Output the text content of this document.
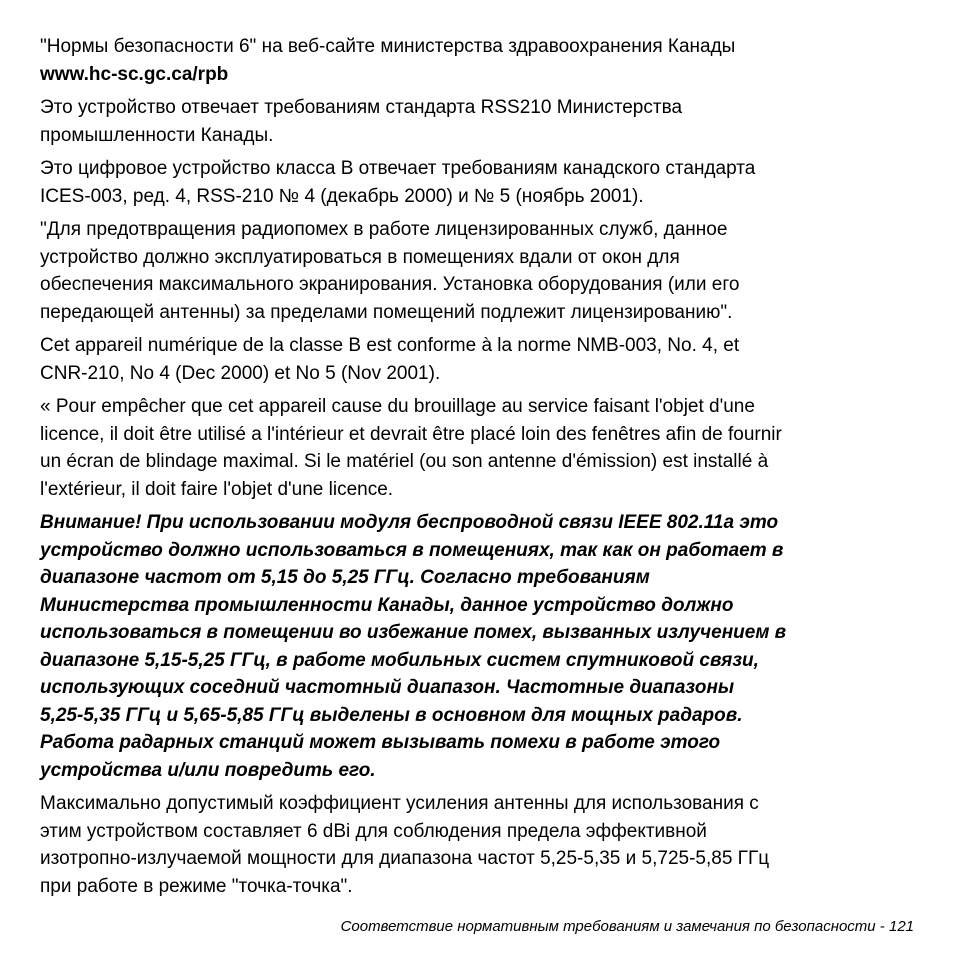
"Нормы безопасности 6" на веб-сайте министерства здравоохранения Канады
www.hc-sc.gc.ca/rpb

Это устройство отвечает требованиям стандарта RSS210 Министерства
промышленности Канады.

Это цифровое устройство класса B отвечает требованиям канадского стандарта
ICES-003, ред. 4, RSS-210 № 4 (декабрь 2000) и № 5 (ноябрь 2001).

"Для предотвращения радиопомех в работе лицензированных служб, данное
устройство должно эксплуатироваться в помещениях вдали от окон для
обеспечения максимального экранирования. Установка оборудования (или его
передающей антенны) за пределами помещений подлежит лицензированию".

Cet appareil numérique de la classe B est conforme à la norme NMB-003, No. 4, et
CNR-210, No 4 (Dec 2000) et No 5 (Nov 2001).

« Pour empêcher que cet appareil cause du brouillage au service faisant l'objet d'une
licence, il doit être utilisé a l'intérieur et devrait être placé loin des fenêtres afin de fournir
un écran de blindage maximal. Si le matériel (ou son antenne d'émission) est installé à
l'extérieur, il doit faire l'objet d'une licence.

Внимание! При использовании модуля беспроводной связи IEEE 802.11a это
устройство должно использоваться в помещениях, так как он работает в
диапазоне частот от 5,15 до 5,25 ГГц. Согласно требованиям
Министерства промышленности Канады, данное устройство должно
использоваться в помещении во избежание помех, вызванных излучением в
диапазоне 5,15-5,25 ГГц, в работе мобильных систем спутниковой связи,
использующих соседний частотный диапазон. Частотные диапазоны
5,25-5,35 ГГц и 5,65-5,85 ГГц выделены в основном для мощных радаров.
Работа радарных станций может вызывать помехи в работе этого
устройства и/или повредить его.

Максимально допустимый коэффициент усиления антенны для использования с
этим устройством составляет 6 dBi для соблюдения предела эффективной
изотропно-излучаемой мощности для диапазона частот 5,25-5,35 и 5,725-5,85 ГГц
при работе в режиме "точка-точка".

Соответствие нормативным требованиям и замечания по безопасности - 121
